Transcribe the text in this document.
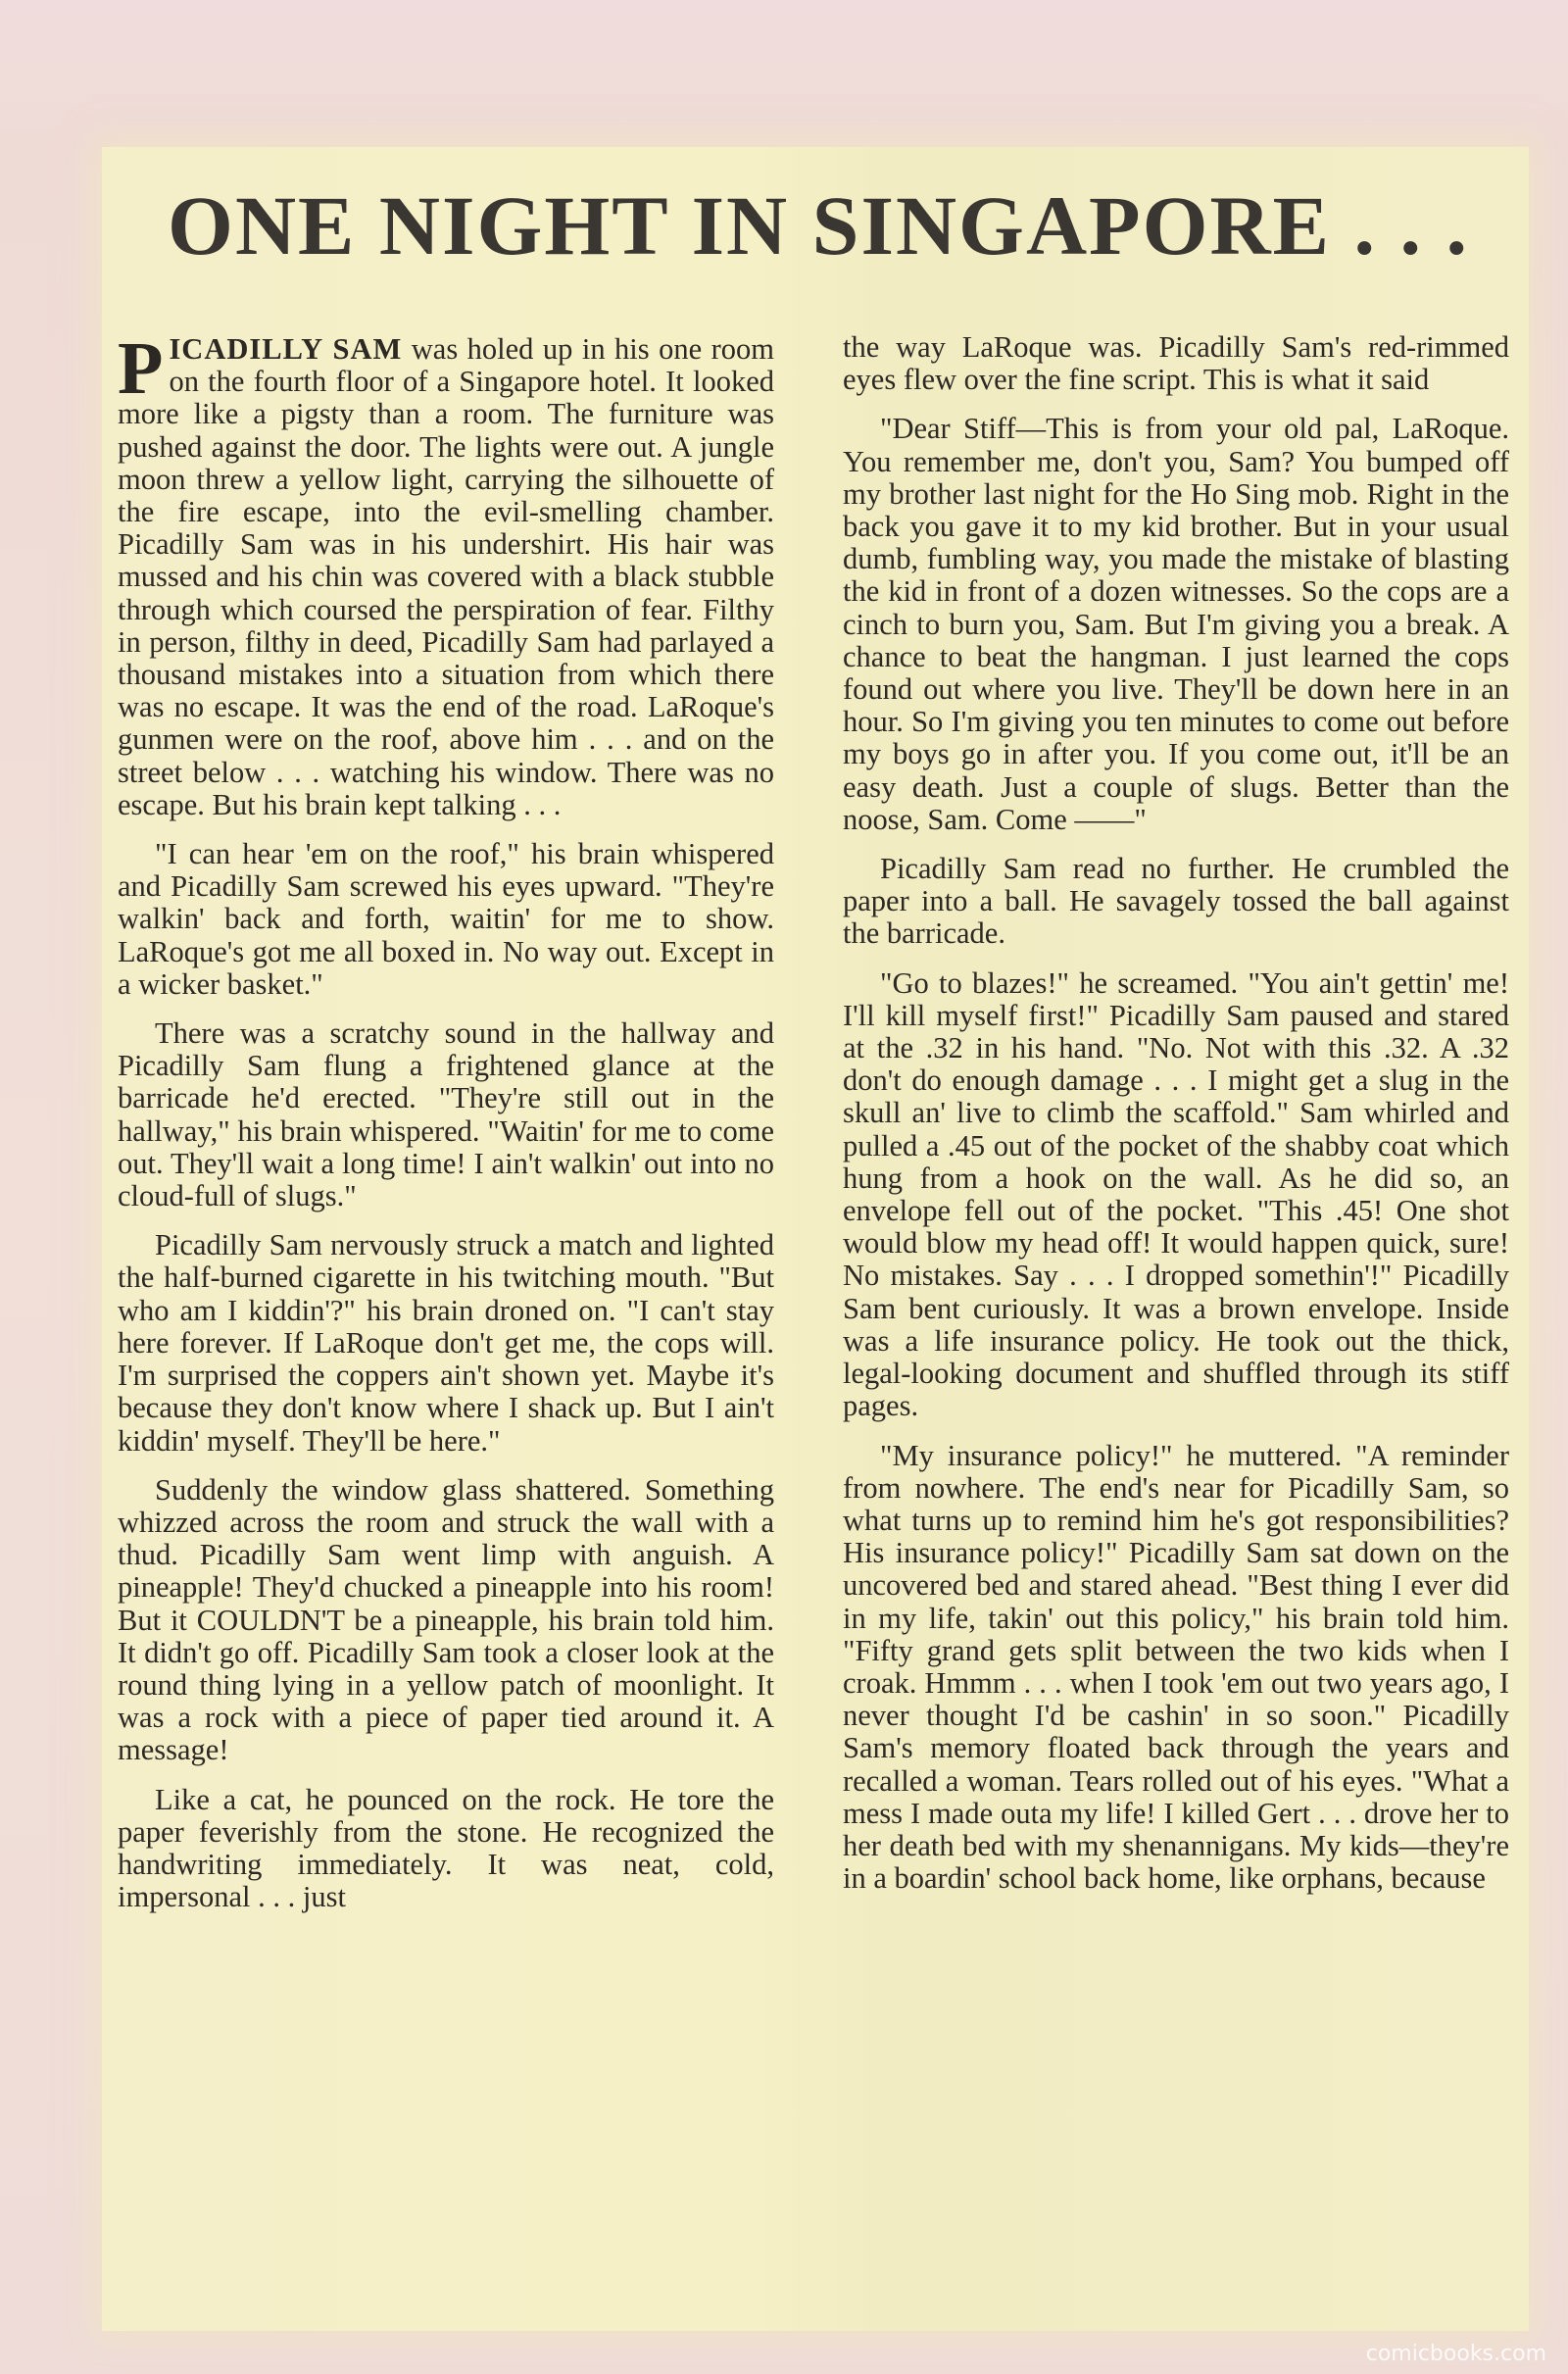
ONE NIGHT IN SINGAPORE . . .

PICADILLY SAM was holed up in his one room on the fourth floor of a Singapore hotel. It looked more like a pigsty than a room. The furniture was pushed against the door. The lights were out. A jungle moon threw a yellow light, carrying the silhouette of the fire escape, into the evil-smelling chamber. Picadilly Sam was in his undershirt. His hair was mussed and his chin was covered with a black stubble through which coursed the perspiration of fear. Filthy in person, filthy in deed, Picadilly Sam had parlayed a thousand mistakes into a situation from which there was no escape. It was the end of the road. LaRoque's gunmen were on the roof, above him . . . and on the street below . . . watching his window. There was no escape. But his brain kept talking . . .

"I can hear 'em on the roof," his brain whispered and Picadilly Sam screwed his eyes upward. "They're walkin' back and forth, waitin' for me to show. LaRoque's got me all boxed in. No way out. Except in a wicker basket."

There was a scratchy sound in the hallway and Picadilly Sam flung a frightened glance at the barricade he'd erected. "They're still out in the hallway," his brain whispered. "Waitin' for me to come out. They'll wait a long time! I ain't walkin' out into no cloud-full of slugs."

Picadilly Sam nervously struck a match and lighted the half-burned cigarette in his twitching mouth. "But who am I kiddin'?" his brain droned on. "I can't stay here forever. If LaRoque don't get me, the cops will. I'm surprised the coppers ain't shown yet. Maybe it's because they don't know where I shack up. But I ain't kiddin' myself. They'll be here."

Suddenly the window glass shattered. Something whizzed across the room and struck the wall with a thud. Picadilly Sam went limp with anguish. A pineapple! They'd chucked a pineapple into his room! But it COULDN'T be a pineapple, his brain told him. It didn't go off. Picadilly Sam took a closer look at the round thing lying in a yellow patch of moonlight. It was a rock with a piece of paper tied around it. A message!

Like a cat, he pounced on the rock. He tore the paper feverishly from the stone. He recognized the handwriting immediately. It was neat, cold, impersonal . . . just

the way LaRoque was. Picadilly Sam's red-rimmed eyes flew over the fine script. This is what it said

"Dear Stiff—This is from your old pal, LaRoque. You remember me, don't you, Sam? You bumped off my brother last night for the Ho Sing mob. Right in the back you gave it to my kid brother. But in your usual dumb, fumbling way, you made the mistake of blasting the kid in front of a dozen witnesses. So the cops are a cinch to burn you, Sam. But I'm giving you a break. A chance to beat the hangman. I just learned the cops found out where you live. They'll be down here in an hour. So I'm giving you ten minutes to come out before my boys go in after you. If you come out, it'll be an easy death. Just a couple of slugs. Better than the noose, Sam. Come ——"

Picadilly Sam read no further. He crumbled the paper into a ball. He savagely tossed the ball against the barricade.

"Go to blazes!" he screamed. "You ain't gettin' me! I'll kill myself first!" Picadilly Sam paused and stared at the .32 in his hand. "No. Not with this .32. A .32 don't do enough damage . . . I might get a slug in the skull an' live to climb the scaffold." Sam whirled and pulled a .45 out of the pocket of the shabby coat which hung from a hook on the wall. As he did so, an envelope fell out of the pocket. "This .45! One shot would blow my head off! It would happen quick, sure! No mistakes. Say . . . I dropped somethin'!" Picadilly Sam bent curiously. It was a brown envelope. Inside was a life insurance policy. He took out the thick, legal-looking document and shuffled through its stiff pages.

"My insurance policy!" he muttered. "A reminder from nowhere. The end's near for Picadilly Sam, so what turns up to remind him he's got responsibilities? His insurance policy!" Picadilly Sam sat down on the uncovered bed and stared ahead. "Best thing I ever did in my life, takin' out this policy," his brain told him. "Fifty grand gets split between the two kids when I croak. Hmmm . . . when I took 'em out two years ago, I never thought I'd be cashin' in so soon." Picadilly Sam's memory floated back through the years and recalled a woman. Tears rolled out of his eyes. "What a mess I made outa my life! I killed Gert . . . drove her to her death bed with my shenannigans. My kids—they're in a boardin' school back home, like orphans, because

comicbooks.com
